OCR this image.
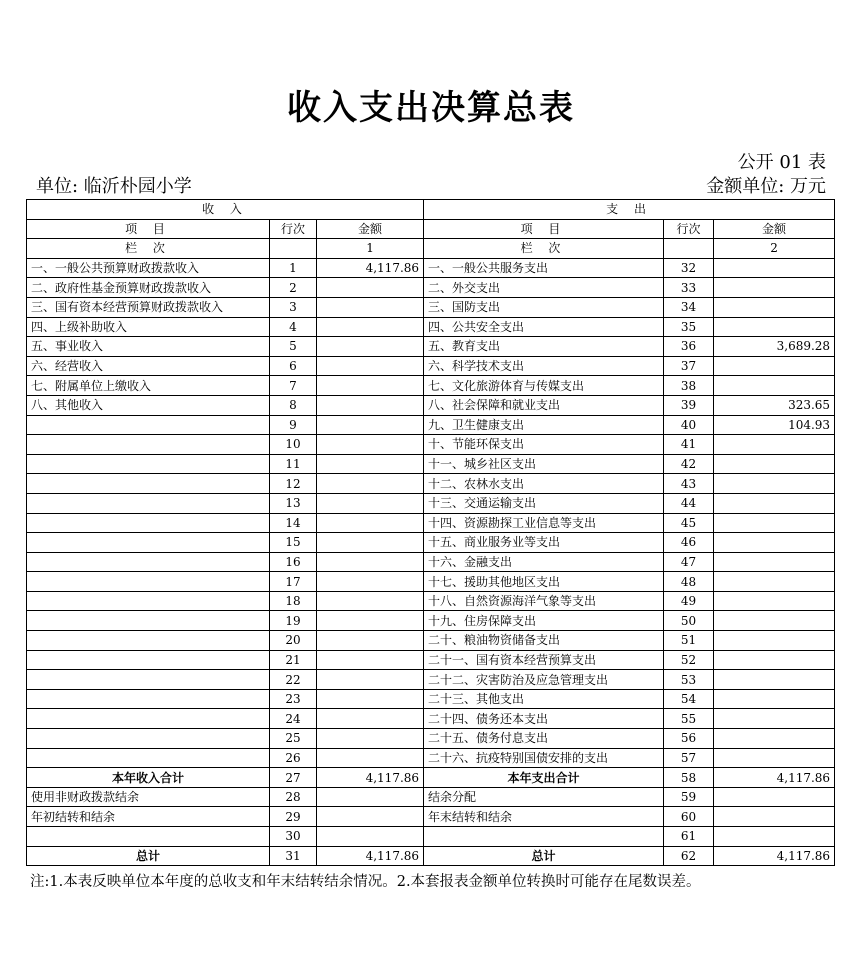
收入支出决算总表
公开 01 表
单位: 临沂朴园小学	金额单位: 万元
收 入			支 出		
项 目	行次	金额	项 目	行次	金额
栏 次		1	栏 次		2
一、一般公共预算财政拨款收入	1	4,117.86	一、一般公共服务支出	32	
二、政府性基金预算财政拨款收入	2		二、外交支出	33	
三、国有资本经营预算财政拨款收入	3		三、国防支出	34	
四、上级补助收入	4		四、公共安全支出	35	
五、事业收入	5		五、教育支出	36	3,689.28
六、经营收入	6		六、科学技术支出	37	
七、附属单位上缴收入	7		七、文化旅游体育与传媒支出	38	
八、其他收入	8		八、社会保障和就业支出	39	323.65
	9		九、卫生健康支出	40	104.93
	10		十、节能环保支出	41	
	11		十一、城乡社区支出	42	
	12		十二、农林水支出	43	
	13		十三、交通运输支出	44	
	14		十四、资源勘探工业信息等支出	45	
	15		十五、商业服务业等支出	46	
	16		十六、金融支出	47	
	17		十七、援助其他地区支出	48	
	18		十八、自然资源海洋气象等支出	49	
	19		十九、住房保障支出	50	
	20		二十、粮油物资储备支出	51	
	21		二十一、国有资本经营预算支出	52	
	22		二十二、灾害防治及应急管理支出	53	
	23		二十三、其他支出	54	
	24		二十四、债务还本支出	55	
	25		二十五、债务付息支出	56	
	26		二十六、抗疫特别国债安排的支出	57	
本年收入合计	27	4,117.86	本年支出合计	58	4,117.86
使用非财政拨款结余	28		结余分配	59	
年初结转和结余	29		年末结转和结余	60	
	30			61	
总计	31	4,117.86	总计	62	4,117.86
注:1.本表反映单位本年度的总收支和年末结转结余情况。2.本套报表金额单位转换时可能存在尾数误差。
